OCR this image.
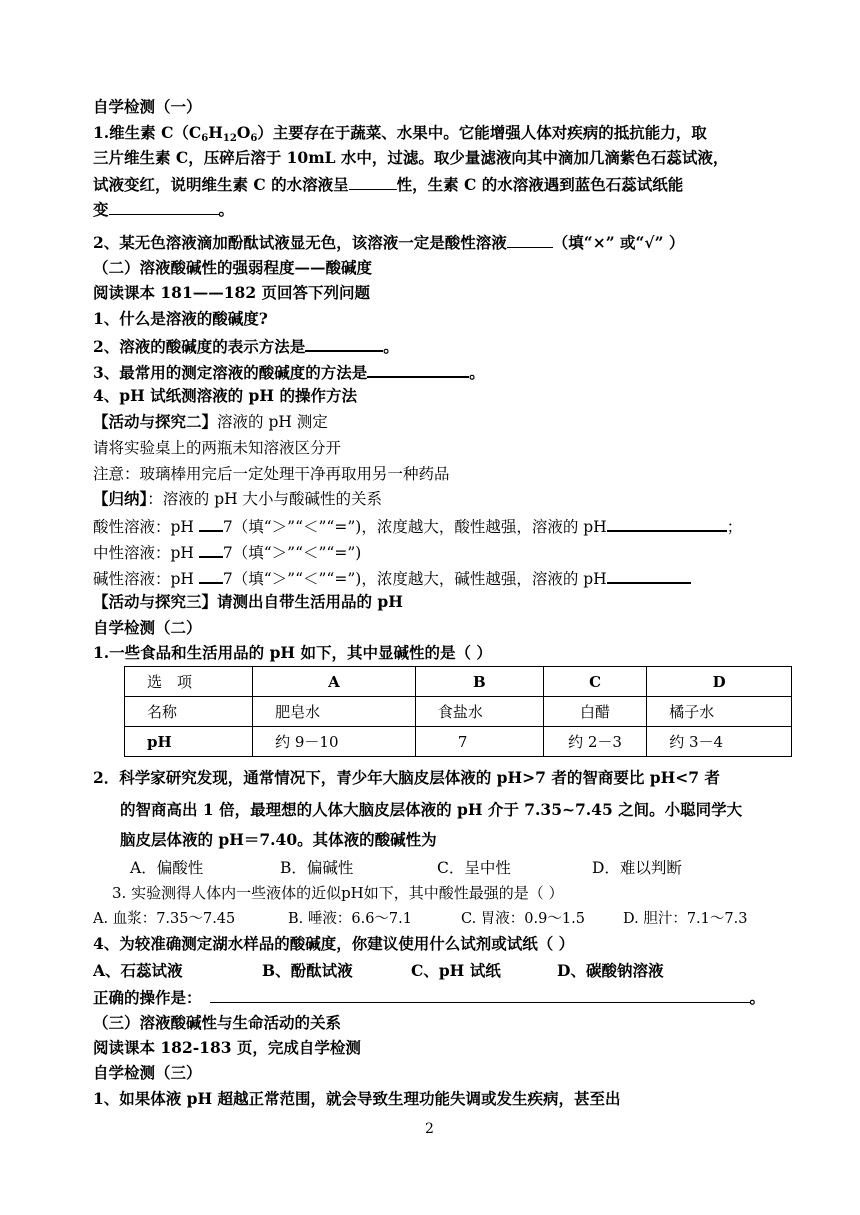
自学检测（一）
1.维生素 $C(C_6H_{12}O_6)$主要存在于蔬菜、水果中。它能增强人体对疾病的抵抗能力，取
三片维生素 C，压碎后溶于 10mL 水中，过滤。取少量滤液向其中滴加几滴紫色石蕊试液，
试液变红，说明维生素 C 的水溶液呈	性，生素 C 的水溶液遇到蓝色石蕊试纸能
变	。
2、某无色溶液滴加酚酞试液显无色，该溶液一定是酸性溶液	（填“×” 或“√” ）
（二）溶液酸碱性的强弱程度——酸碱度
阅读课本 181——182 页回答下列问题
1、什么是溶液的酸碱度?
2、溶液的酸碱度的表示方法是	。
3、最常用的测定溶液的酸碱度的方法是	。
4、pH 试纸测溶液的 pH 的操作方法
【活动与探究二】溶液的 pH 测定
请将实验桌上的两瓶未知溶液区分开
注意：玻璃棒用完后一定处理干净再取用另一种药品
【归纳】：溶液的 pH 大小与酸碱性的关系
酸性溶液：pH 7（填“＞”“＜”“=”)，浓度越大，酸性越强，溶液的 pH	；
中性溶液：pH 7（填“＞”“＜”“=”)
碱性溶液：pH 7（填“＞”“＜”“=”)，浓度越大，碱性越强，溶液的 pH
【活动与探究三】请测出自带生活用品的 pH
自学检测（二）
1.一些食品和生活用品的 pH 如下，其中显碱性的是（ ）
选　项	A	B	C	D
名称	肥皂水	食盐水	白醋	橘子水
pH	约 9－10	7	约 2－3	约 3－4
2．科学家研究发现，通常情况下，青少年大脑皮层体液的 pH>7 者的智商要比 pH<7 者
的智商高出 1 倍，最理想的人体大脑皮层体液的 pH 介于 7.35~7.45 之间。小聪同学大
脑皮层体液的 pH＝7.40。其体液的酸碱性为
A．偏酸性	B．偏碱性	C．呈中性	D．难以判断
3. 实验测得人体内一些液体的近似pH如下，其中酸性最强的是（ ）
A. 血浆：7.35～7.45	B. 唾液：6.6～7.1	C. 胃液：0.9～1.5	D. 胆汁：7.1～7.3
4、为较准确测定湖水样品的酸碱度，你建议使用什么试剂或试纸（ ）
A、石蕊试液	B、酚酞试液	C、pH 试纸	D、碳酸钠溶液
正确的操作是：	。
（三）溶液酸碱性与生命活动的关系
阅读课本 182-183 页，完成自学检测
自学检测（三）
1、如果体液 pH 超越正常范围，就会导致生理功能失调或发生疾病，甚至出
2
